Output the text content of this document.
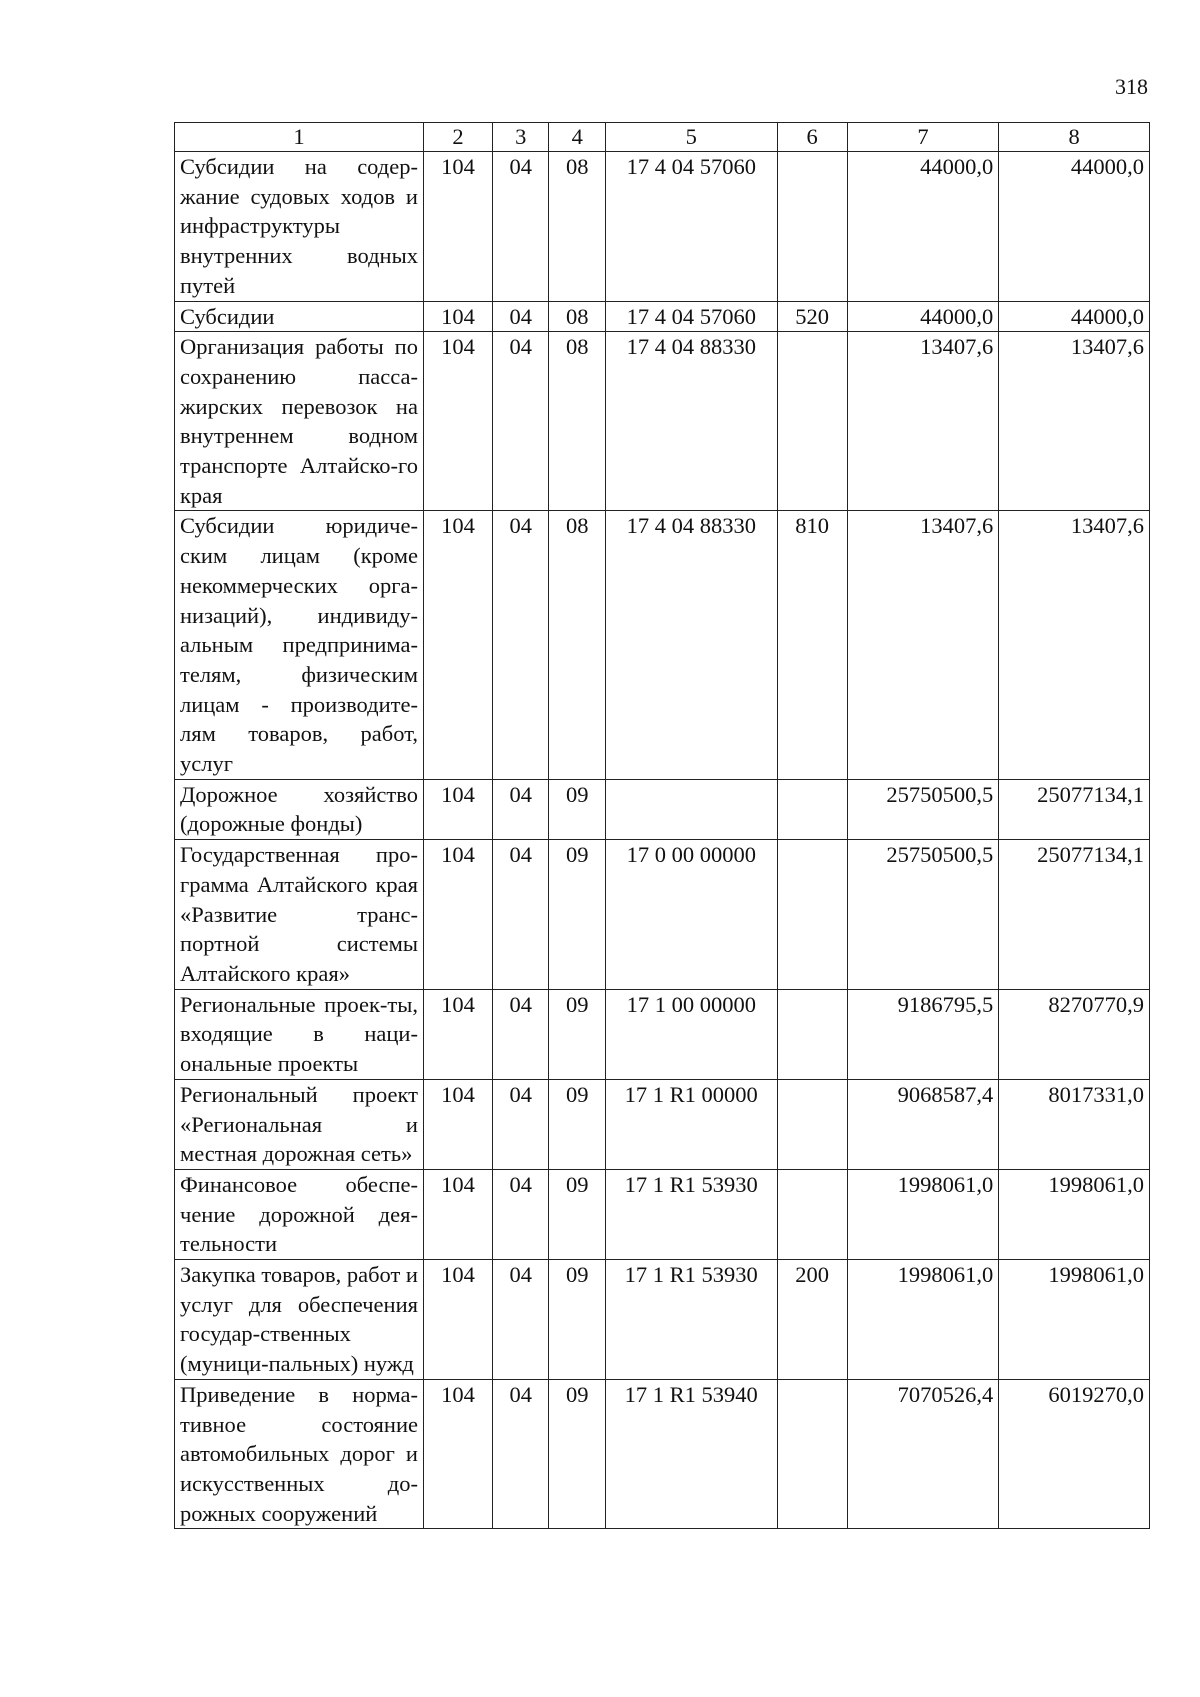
318
1	2	3	4	5	6	7	8
Субсидии на содер-жание судовых ходов и инфраструктуры внутренних водных путей	104	04	08	17 4 04 57060		44000,0	44000,0
Субсидии	104	04	08	17 4 04 57060	520	44000,0	44000,0
Организация работы по сохранению пасса-жирских перевозок на внутреннем водном транспорте Алтайско-го края	104	04	08	17 4 04 88330		13407,6	13407,6
Субсидии юридиче-ским лицам (кроме некоммерческих орга-низаций), индивиду-альным предпринима-телям, физическим лицам - производите-лям товаров, работ, услуг	104	04	08	17 4 04 88330	810	13407,6	13407,6
Дорожное хозяйство (дорожные фонды)	104	04	09			25750500,5	25077134,1
Государственная про-грамма Алтайского края «Развитие транс-портной системы Алтайского края»	104	04	09	17 0 00 00000		25750500,5	25077134,1
Региональные проек-ты, входящие в наци-ональные проекты	104	04	09	17 1 00 00000		9186795,5	8270770,9
Региональный проект «Региональная и местная дорожная сеть»	104	04	09	17 1 R1 00000		9068587,4	8017331,0
Финансовое обеспе-чение дорожной дея-тельности	104	04	09	17 1 R1 53930		1998061,0	1998061,0
Закупка товаров, работ и услуг для обеспечения государ-ственных (муници-пальных) нужд	104	04	09	17 1 R1 53930	200	1998061,0	1998061,0
Приведение в норма-тивное состояние автомобильных дорог и искусственных до-рожных сооружений	104	04	09	17 1 R1 53940		7070526,4	6019270,0
